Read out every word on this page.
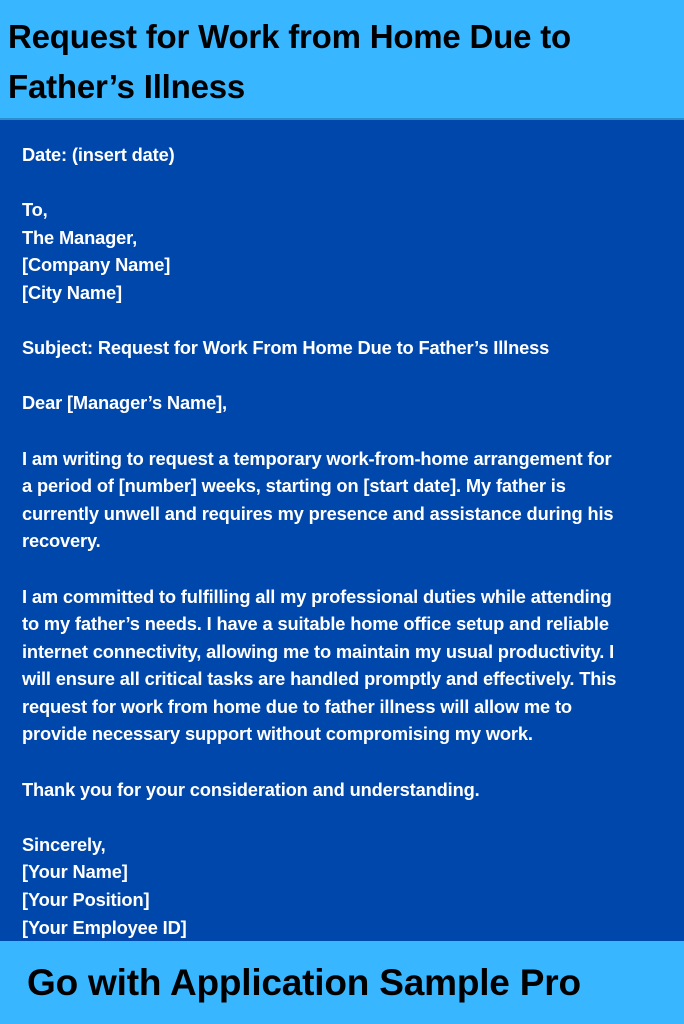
Request for Work from Home Due to
Father’s Illness
Date: (insert date)
To,
The Manager,
[Company Name]
[City Name]
Subject: Request for Work From Home Due to Father’s Illness
Dear [Manager’s Name],
I am writing to request a temporary work-from-home arrangement for
a period of [number] weeks, starting on [start date]. My father is
currently unwell and requires my presence and assistance during his
recovery.
I am committed to fulfilling all my professional duties while attending
to my father’s needs. I have a suitable home office setup and reliable
internet connectivity, allowing me to maintain my usual productivity. I
will ensure all critical tasks are handled promptly and effectively. This
request for work from home due to father illness will allow me to
provide necessary support without compromising my work.
Thank you for your consideration and understanding.
Sincerely,
[Your Name]
[Your Position]
[Your Employee ID]
Go with Application Sample Pro
